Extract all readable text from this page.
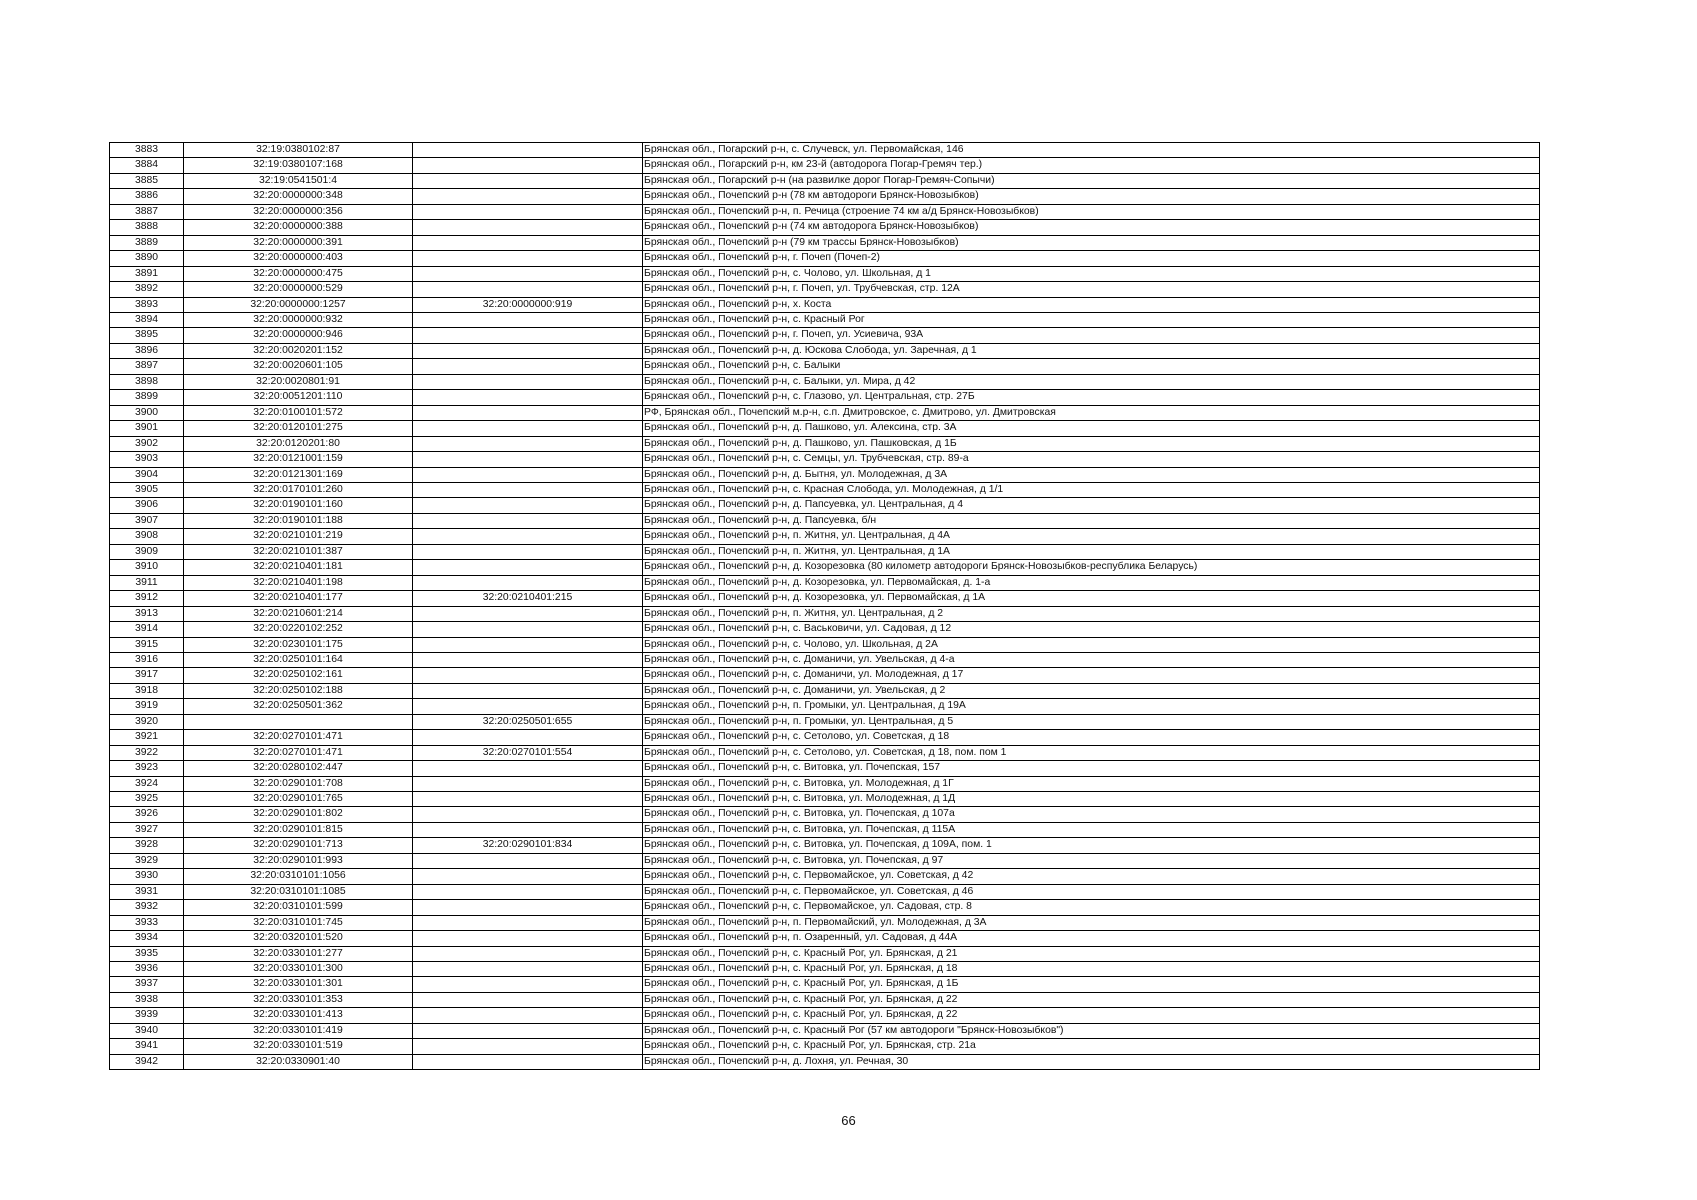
3883	32:19:0380102:87		Брянская обл., Погарский р-н, с. Случевск, ул. Первомайская, 146
3884	32:19:0380107:168		Брянская обл., Погарский р-н, км 23-й (автодорога Погар-Гремяч тер.)
3885	32:19:0541501:4		Брянская обл., Погарский р-н (на развилке дорог Погар-Гремяч-Сопычи)
3886	32:20:0000000:348		Брянская обл., Почепский р-н (78 км автодороги Брянск-Новозыбков)
3887	32:20:0000000:356		Брянская обл., Почепский р-н, п. Речица (строение 74 км а/д Брянск-Новозыбков)
3888	32:20:0000000:388		Брянская обл., Почепский р-н (74 км автодорога Брянск-Новозыбков)
3889	32:20:0000000:391		Брянская обл., Почепский р-н (79 км трассы Брянск-Новозыбков)
3890	32:20:0000000:403		Брянская обл., Почепский р-н, г. Почеп (Почеп-2)
3891	32:20:0000000:475		Брянская обл., Почепский р-н, с. Чолово, ул. Школьная, д 1
3892	32:20:0000000:529		Брянская обл., Почепский р-н, г. Почеп, ул. Трубчевская, стр. 12А
3893	32:20:0000000:1257	32:20:0000000:919	Брянская обл., Почепский р-н, х. Коста
3894	32:20:0000000:932		Брянская обл., Почепский р-н, с. Красный Рог
3895	32:20:0000000:946		Брянская обл., Почепский р-н, г. Почеп, ул. Усиевича, 93А
3896	32:20:0020201:152		Брянская обл., Почепский р-н, д. Юскова Слобода, ул. Заречная, д 1
3897	32:20:0020601:105		Брянская обл., Почепский р-н, с. Балыки
3898	32:20:0020801:91		Брянская обл., Почепский р-н, с. Балыки, ул. Мира, д 42
3899	32:20:0051201:110		Брянская обл., Почепский р-н, с. Глазово, ул. Центральная, стр. 27Б
3900	32:20:0100101:572		РФ, Брянская обл., Почепский м.р-н, с.п. Дмитровское, с. Дмитрово, ул. Дмитровская
3901	32:20:0120101:275		Брянская обл., Почепский р-н, д. Пашково, ул. Алексина, стр. 3А
3902	32:20:0120201:80		Брянская обл., Почепский р-н, д. Пашково, ул. Пашковская, д 1Б
3903	32:20:0121001:159		Брянская обл., Почепский р-н, с. Семцы, ул. Трубчевская, стр. 89-а
3904	32:20:0121301:169		Брянская обл., Почепский р-н, д. Бытня, ул. Молодежная, д 3А
3905	32:20:0170101:260		Брянская обл., Почепский р-н, с. Красная Слобода, ул. Молодежная, д 1/1
3906	32:20:0190101:160		Брянская обл., Почепский р-н, д. Папсуевка, ул. Центральная, д 4
3907	32:20:0190101:188		Брянская обл., Почепский р-н, д. Папсуевка, б/н
3908	32:20:0210101:219		Брянская обл., Почепский р-н, п. Житня, ул. Центральная, д 4А
3909	32:20:0210101:387		Брянская обл., Почепский р-н, п. Житня, ул. Центральная, д 1А
3910	32:20:0210401:181		Брянская обл., Почепский р-н, д. Козорезовка (80 километр автодороги Брянск-Новозыбков-республика Беларусь)
3911	32:20:0210401:198		Брянская обл., Почепский р-н, д. Козорезовка, ул. Первомайская, д. 1-а
3912	32:20:0210401:177	32:20:0210401:215	Брянская обл., Почепский р-н, д. Козорезовка, ул. Первомайская, д 1А
3913	32:20:0210601:214		Брянская обл., Почепский р-н, п. Житня, ул. Центральная, д 2
3914	32:20:0220102:252		Брянская обл., Почепский р-н, с. Васьковичи, ул. Садовая, д 12
3915	32:20:0230101:175		Брянская обл., Почепский р-н, с. Чолово, ул. Школьная, д 2А
3916	32:20:0250101:164		Брянская обл., Почепский р-н, с. Доманичи, ул. Увельская, д 4-а
3917	32:20:0250102:161		Брянская обл., Почепский р-н, с. Доманичи, ул. Молодежная, д 17
3918	32:20:0250102:188		Брянская обл., Почепский р-н, с. Доманичи, ул. Увельская, д 2
3919	32:20:0250501:362		Брянская обл., Почепский р-н, п. Громыки, ул. Центральная, д 19А
3920		32:20:0250501:655	Брянская обл., Почепский р-н, п. Громыки, ул. Центральная, д 5
3921	32:20:0270101:471		Брянская обл., Почепский р-н, с. Сетолово, ул. Советская, д 18
3922	32:20:0270101:471	32:20:0270101:554	Брянская обл., Почепский р-н, с. Сетолово, ул. Советская, д 18, пом. пом 1
3923	32:20:0280102:447		Брянская обл., Почепский р-н, с. Витовка, ул. Почепская, 157
3924	32:20:0290101:708		Брянская обл., Почепский р-н, с. Витовка, ул. Молодежная, д 1Г
3925	32:20:0290101:765		Брянская обл., Почепский р-н, с. Витовка, ул. Молодежная, д 1Д
3926	32:20:0290101:802		Брянская обл., Почепский р-н, с. Витовка, ул. Почепская, д 107а
3927	32:20:0290101:815		Брянская обл., Почепский р-н, с. Витовка, ул. Почепская, д 115А
3928	32:20:0290101:713	32:20:0290101:834	Брянская обл., Почепский р-н, с. Витовка, ул. Почепская, д 109А, пом. 1
3929	32:20:0290101:993		Брянская обл., Почепский р-н, с. Витовка, ул. Почепская, д 97
3930	32:20:0310101:1056		Брянская обл., Почепский р-н, с. Первомайское, ул. Советская, д 42
3931	32:20:0310101:1085		Брянская обл., Почепский р-н, с. Первомайское, ул. Советская, д 46
3932	32:20:0310101:599		Брянская обл., Почепский р-н, с. Первомайское, ул. Садовая, стр. 8
3933	32:20:0310101:745		Брянская обл., Почепский р-н, п. Первомайский, ул. Молодежная, д 3А
3934	32:20:0320101:520		Брянская обл., Почепский р-н, п. Озаренный, ул. Садовая, д 44А
3935	32:20:0330101:277		Брянская обл., Почепский р-н, с. Красный Рог, ул. Брянская, д 21
3936	32:20:0330101:300		Брянская обл., Почепский р-н, с. Красный Рог, ул. Брянская, д 18
3937	32:20:0330101:301		Брянская обл., Почепский р-н, с. Красный Рог, ул. Брянская, д 1Б
3938	32:20:0330101:353		Брянская обл., Почепский р-н, с. Красный Рог, ул. Брянская, д 22
3939	32:20:0330101:413		Брянская обл., Почепский р-н, с. Красный Рог, ул. Брянская, д 22
3940	32:20:0330101:419		Брянская обл., Почепский р-н, с. Красный Рог (57 км автодороги "Брянск-Новозыбков")
3941	32:20:0330101:519		Брянская обл., Почепский р-н, с. Красный Рог, ул. Брянская, стр. 21а
3942	32:20:0330901:40		Брянская обл., Почепский р-н, д. Лохня, ул. Речная, 30
66
